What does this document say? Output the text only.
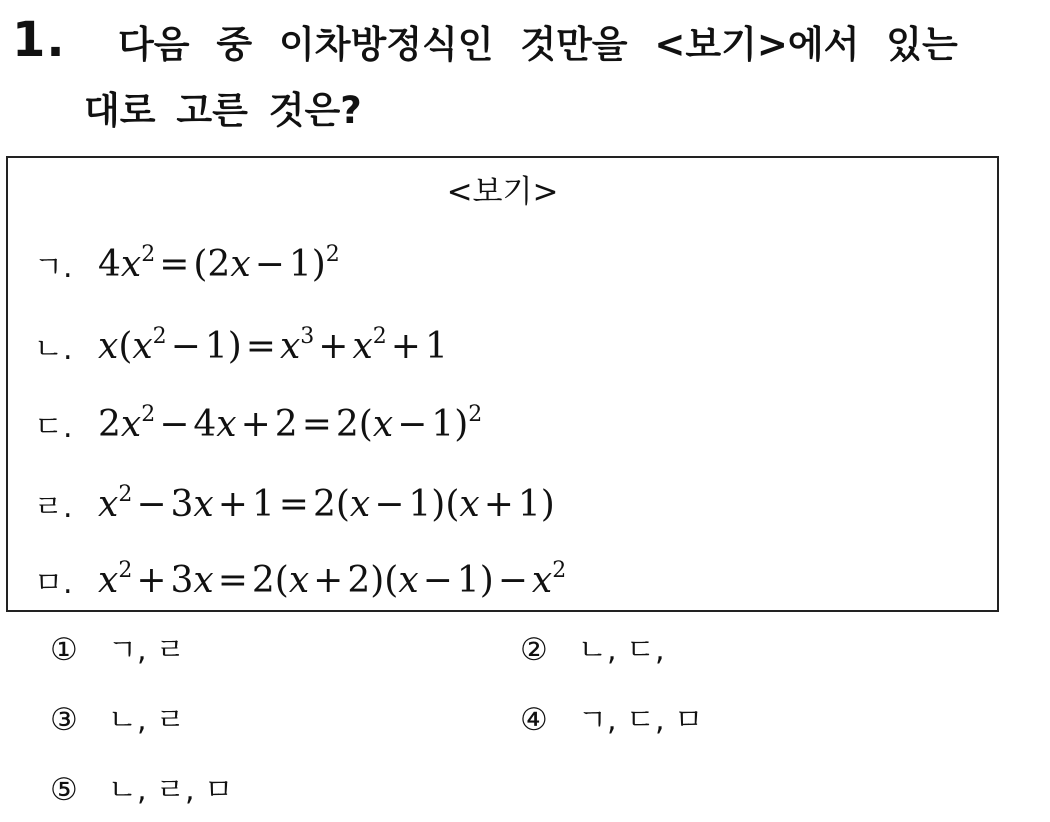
1. 다음 중 이차방정식인 것만을 <보기>에서 있는
대로 고른 것은?
<보기>
ㄱ. $4x^2 = (2x - 1)^2$
ㄴ. $x(x^2 - 1) = x^3 + x^2 + 1$
ㄷ. $2x^2 - 4x + 2 = 2(x - 1)^2$
ㄹ. $x^2 - 3x + 1 = 2(x - 1)(x + 1)$
ㅁ. $x^2 + 3x = 2(x + 2)(x - 1) - x^2$
① ㄱ, ㄹ	② ㄴ, ㄷ,
③ ㄴ, ㄹ	④ ㄱ, ㄷ, ㅁ
⑤ ㄴ, ㄹ, ㅁ
